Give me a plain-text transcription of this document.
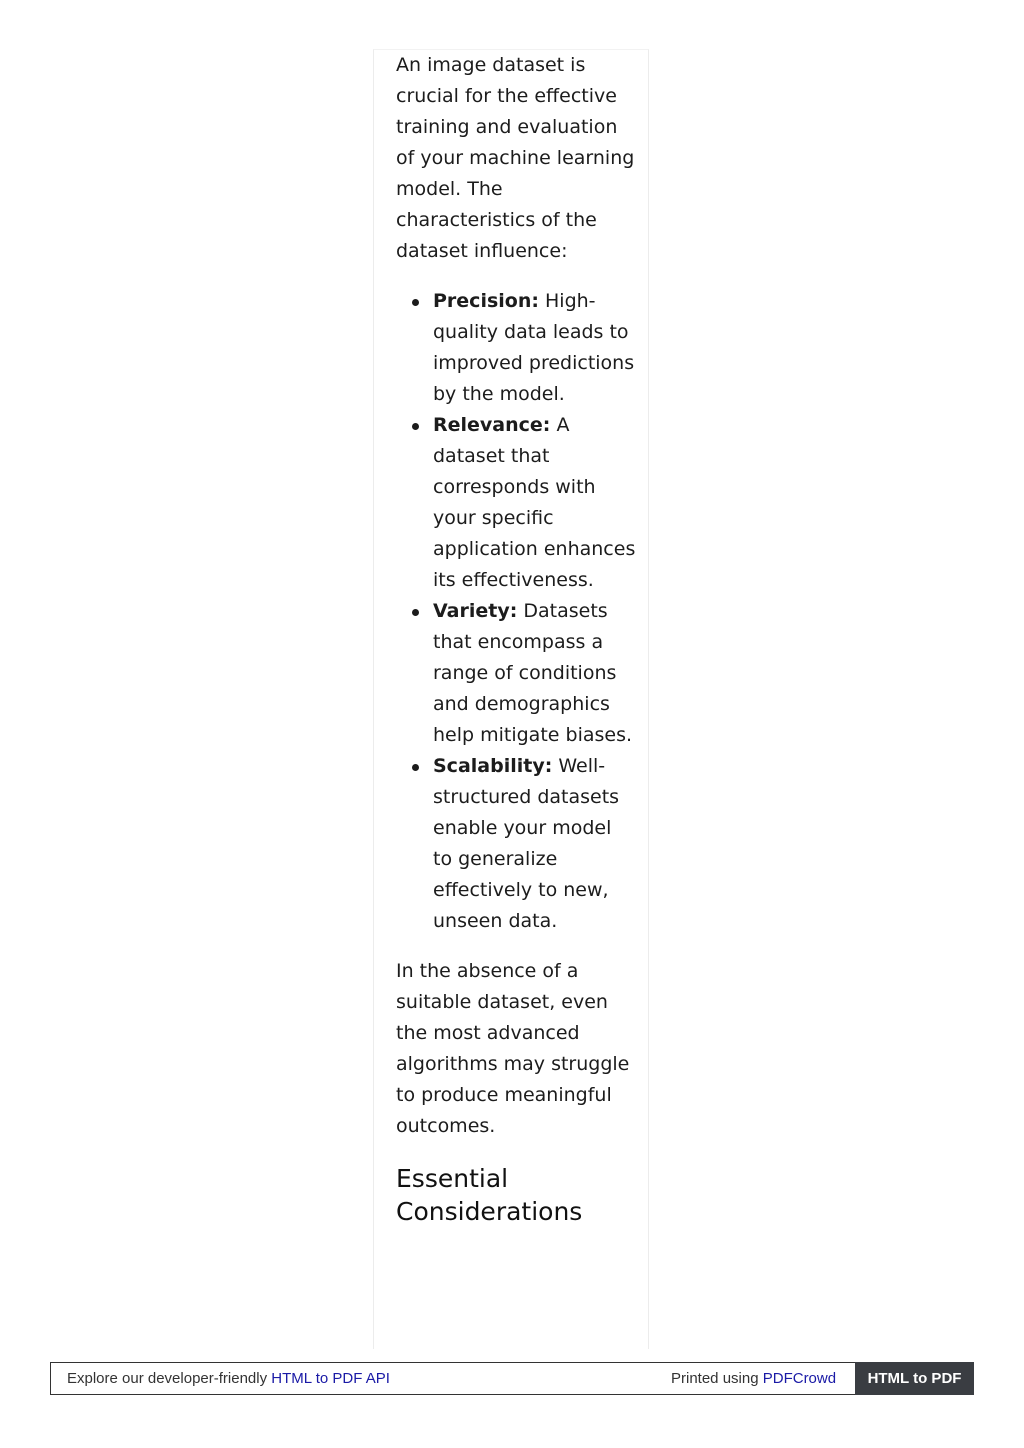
An image dataset is crucial for the effective training and evaluation of your machine learning model. The characteristics of the dataset influence:

Precision: High-quality data leads to improved predictions by the model.
Relevance: A dataset that corresponds with your specific application enhances its effectiveness.
Variety: Datasets that encompass a range of conditions and demographics help mitigate biases.
Scalability: Well-structured datasets enable your model to generalize effectively to new, unseen data.

In the absence of a suitable dataset, even the most advanced algorithms may struggle to produce meaningful outcomes.

Essential Considerations
Explore our developer-friendly HTML to PDF API	Printed using PDFCrowd	HTML to PDF
